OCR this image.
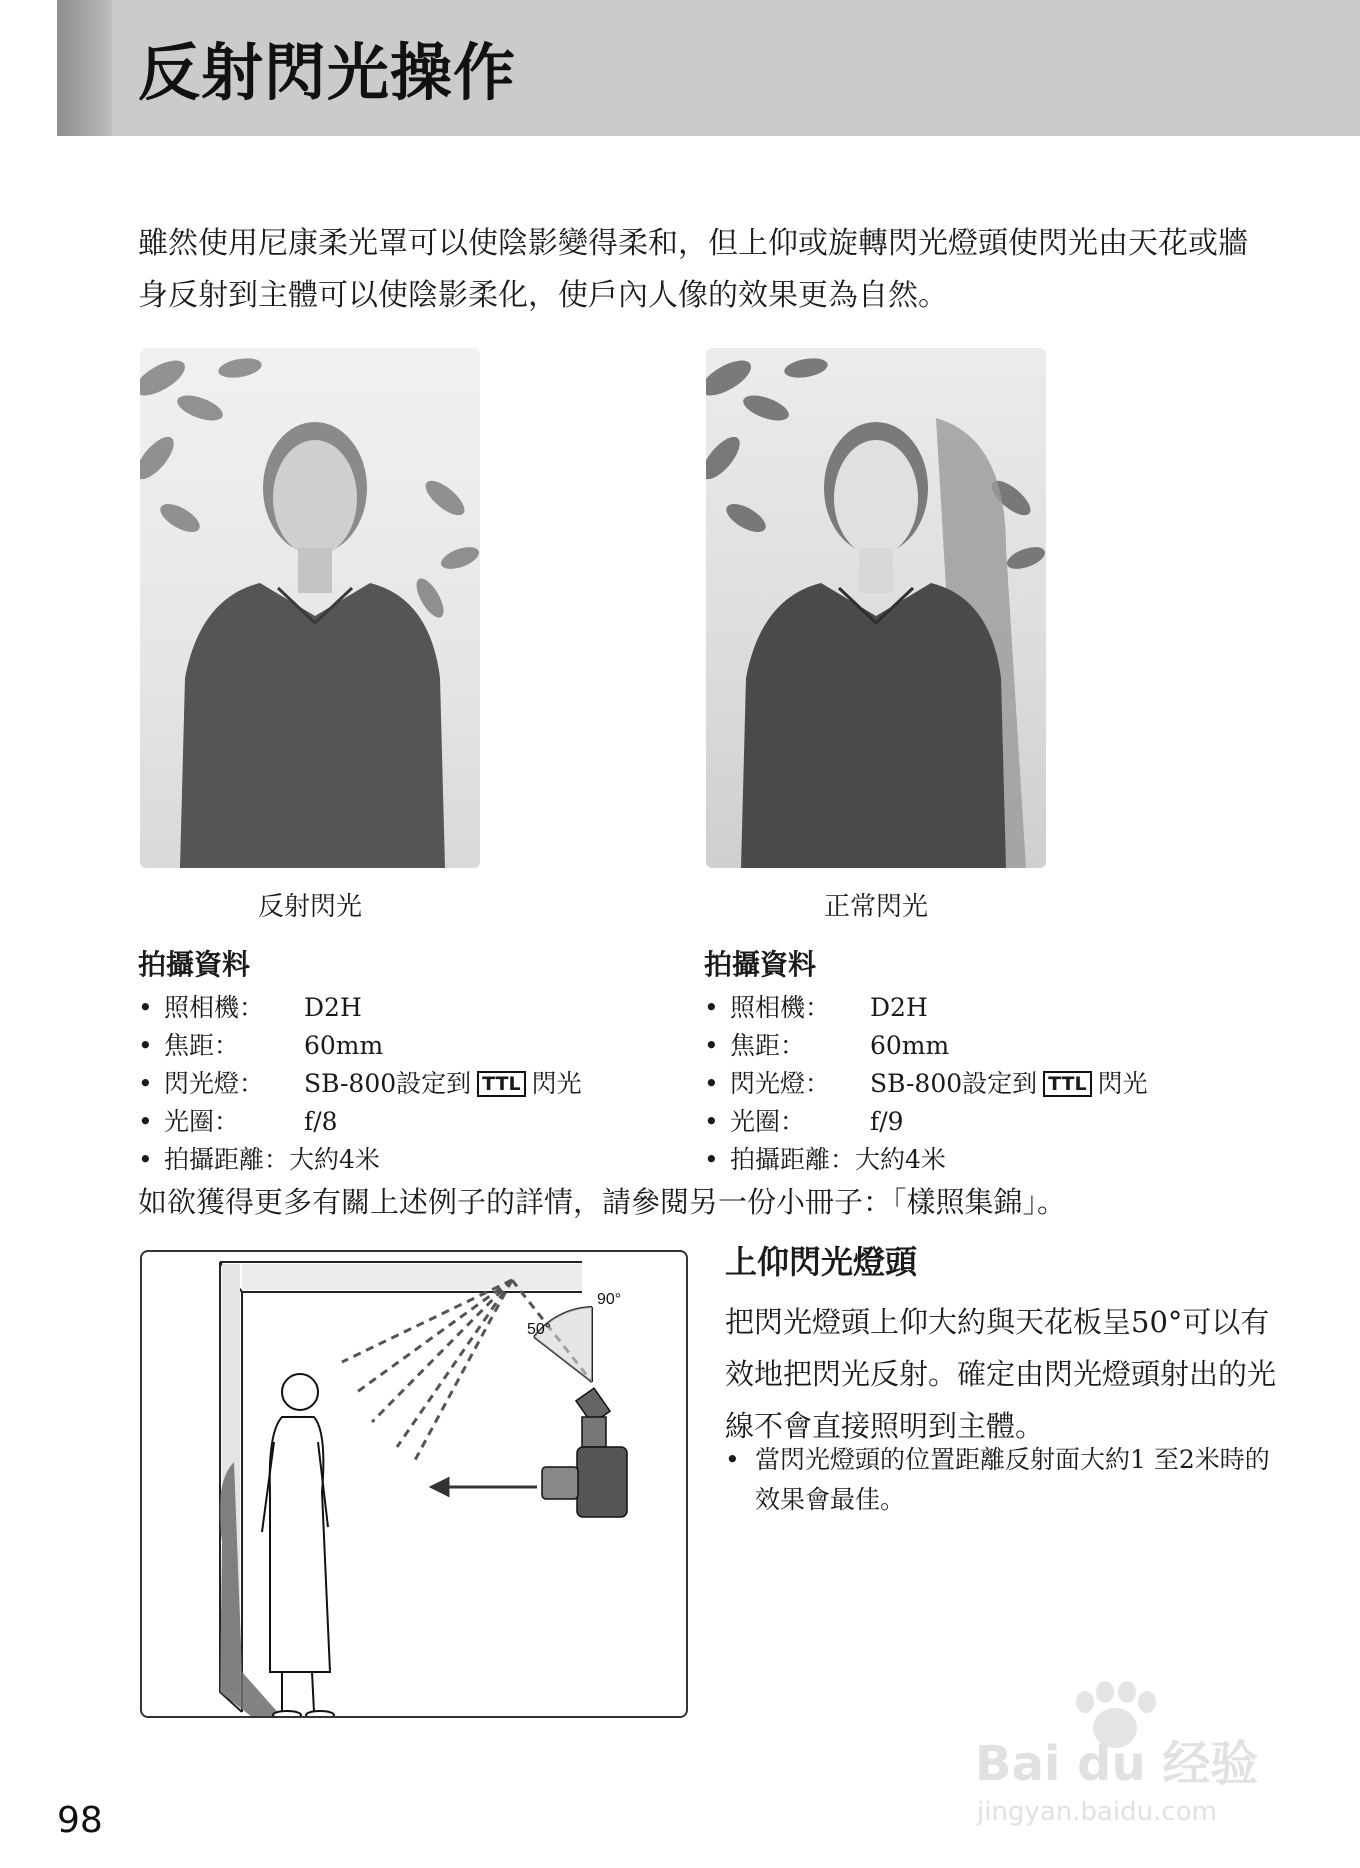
反射閃光操作

雖然使用尼康柔光罩可以使陰影變得柔和，但上仰或旋轉閃光燈頭使閃光由天花或牆身反射到主體可以使陰影柔化，使戶內人像的效果更為自然。

反射閃光	正常閃光

拍攝資料
• 照相機： D2H
• 焦距：	60mm
• 閃光燈： SB-800設定到 TTL 閃光
• 光圈：	f/8
• 拍攝距離：大約4米
拍攝資料
• 照相機： D2H
• 焦距：	60mm
• 閃光燈： SB-800設定到 TTL 閃光
• 光圈：	f/9
• 拍攝距離：大約4米

如欲獲得更多有關上述例子的詳情，請參閱另一份小冊子：「樣照集錦」。

50°
90°
上仰閃光燈頭

把閃光燈頭上仰大約與天花板呈50°可以有效地把閃光反射。確定由閃光燈頭射出的光線不會直接照明到主體。

• 當閃光燈頭的位置距離反射面大約1 至2米時的效果會最佳。

98

Bai du 经验
jingyan.baidu.com
